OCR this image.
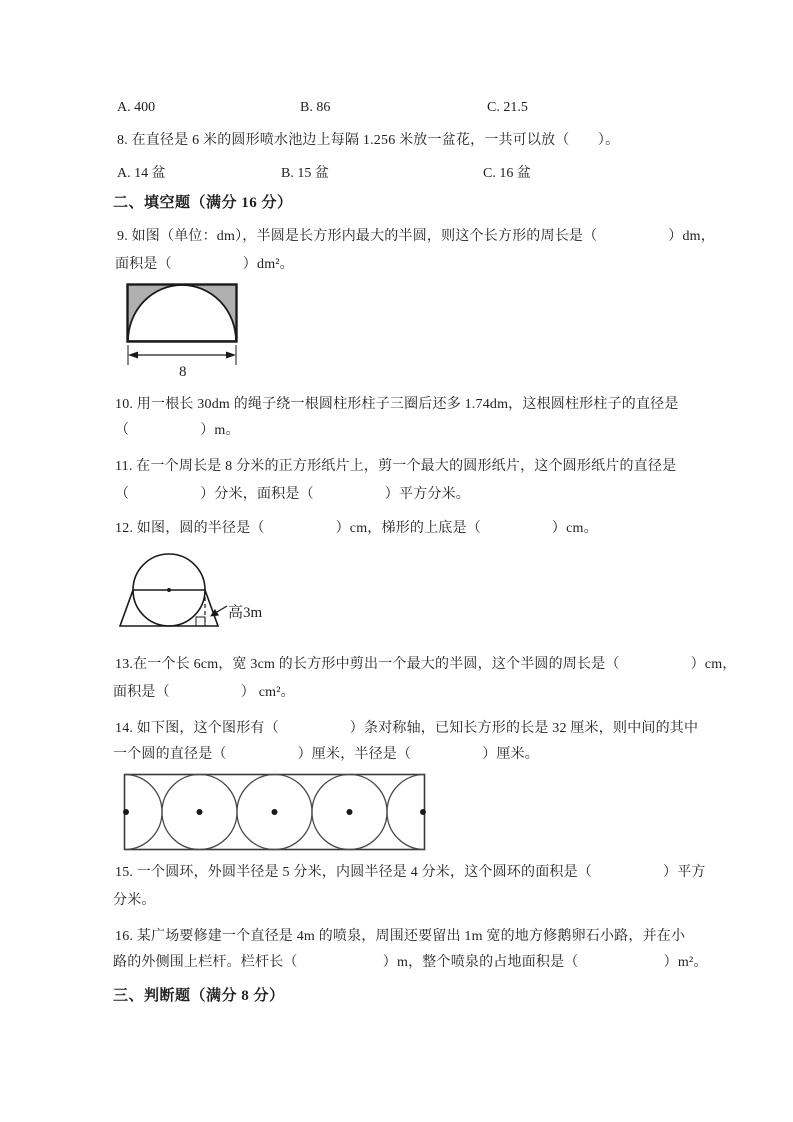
A. 400	B. 86	C. 21.5
8. 在直径是 6 米的圆形喷水池边上每隔 1.256 米放一盆花，一共可以放（　　）。
A. 14 盆	B. 15 盆	C. 16 盆
二、填空题（满分 16 分）
9. 如图（单位：dm），半圆是长方形内最大的半圆，则这个长方形的周长是（　　　　　）dm，
面积是（　　　　　）dm²。
8
10. 用一根长 30dm 的绳子绕一根圆柱形柱子三圈后还多 1.74dm，这根圆柱形柱子的直径是
（　　　　　）m。
11. 在一个周长是 8 分米的正方形纸片上，剪一个最大的圆形纸片，这个圆形纸片的直径是
（　　　　　）分米，面积是（　　　　　）平方分米。
12. 如图，圆的半径是（　　　　　）cm，梯形的上底是（　　　　　）cm。
高3m
13.在一个长 6cm，宽 3cm 的长方形中剪出一个最大的半圆，这个半圆的周长是（　　　　　）cm，
面积是（　　　　　） cm²。
14. 如下图，这个图形有（　　　　　）条对称轴，已知长方形的长是 32 厘米，则中间的其中
一个圆的直径是（　　　　　）厘米，半径是（　　　　　）厘米。
15. 一个圆环，外圆半径是 5 分米，内圆半径是 4 分米，这个圆环的面积是（　　　　　）平方
分米。
16. 某广场要修建一个直径是 4m 的喷泉，周围还要留出 1m 宽的地方修鹅卵石小路，并在小
路的外侧围上栏杆。栏杆长（　　　　　　）m，整个喷泉的占地面积是（　　　　　　）m²。
三、判断题（满分 8 分）
